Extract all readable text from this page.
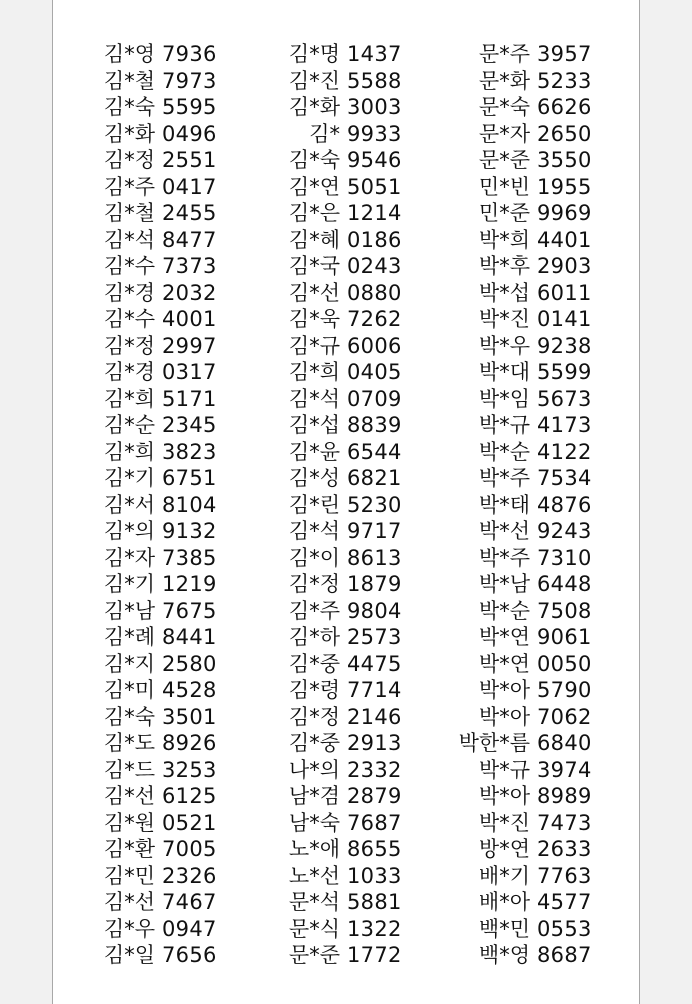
김*영 7936
김*철 7973
김*숙 5595
김*화 0496
김*정 2551
김*주 0417
김*철 2455
김*석 8477
김*수 7373
김*경 2032
김*수 4001
김*정 2997
김*경 0317
김*희 5171
김*순 2345
김*희 3823
김*기 6751
김*서 8104
김*의 9132
김*자 7385
김*기 1219
김*남 7675
김*례 8441
김*지 2580
김*미 4528
김*숙 3501
김*도 8926
김*드 3253
김*선 6125
김*원 0521
김*환 7005
김*민 2326
김*선 7467
김*우 0947
김*일 7656
김*명 1437
김*진 5588
김*화 3003
김* 9933
김*숙 9546
김*연 5051
김*은 1214
김*혜 0186
김*국 0243
김*선 0880
김*욱 7262
김*규 6006
김*희 0405
김*석 0709
김*섭 8839
김*윤 6544
김*성 6821
김*린 5230
김*석 9717
김*이 8613
김*정 1879
김*주 9804
김*하 2573
김*중 4475
김*령 7714
김*정 2146
김*중 2913
나*의 2332
남*겸 2879
남*숙 7687
노*애 8655
노*선 1033
문*석 5881
문*식 1322
문*준 1772
문*주 3957
문*화 5233
문*숙 6626
문*자 2650
문*준 3550
민*빈 1955
민*준 9969
박*희 4401
박*후 2903
박*섭 6011
박*진 0141
박*우 9238
박*대 5599
박*임 5673
박*규 4173
박*순 4122
박*주 7534
박*태 4876
박*선 9243
박*주 7310
박*남 6448
박*순 7508
박*연 9061
박*연 0050
박*아 5790
박*아 7062
박한*름 6840
박*규 3974
박*아 8989
박*진 7473
방*연 2633
배*기 7763
배*아 4577
백*민 0553
백*영 8687
